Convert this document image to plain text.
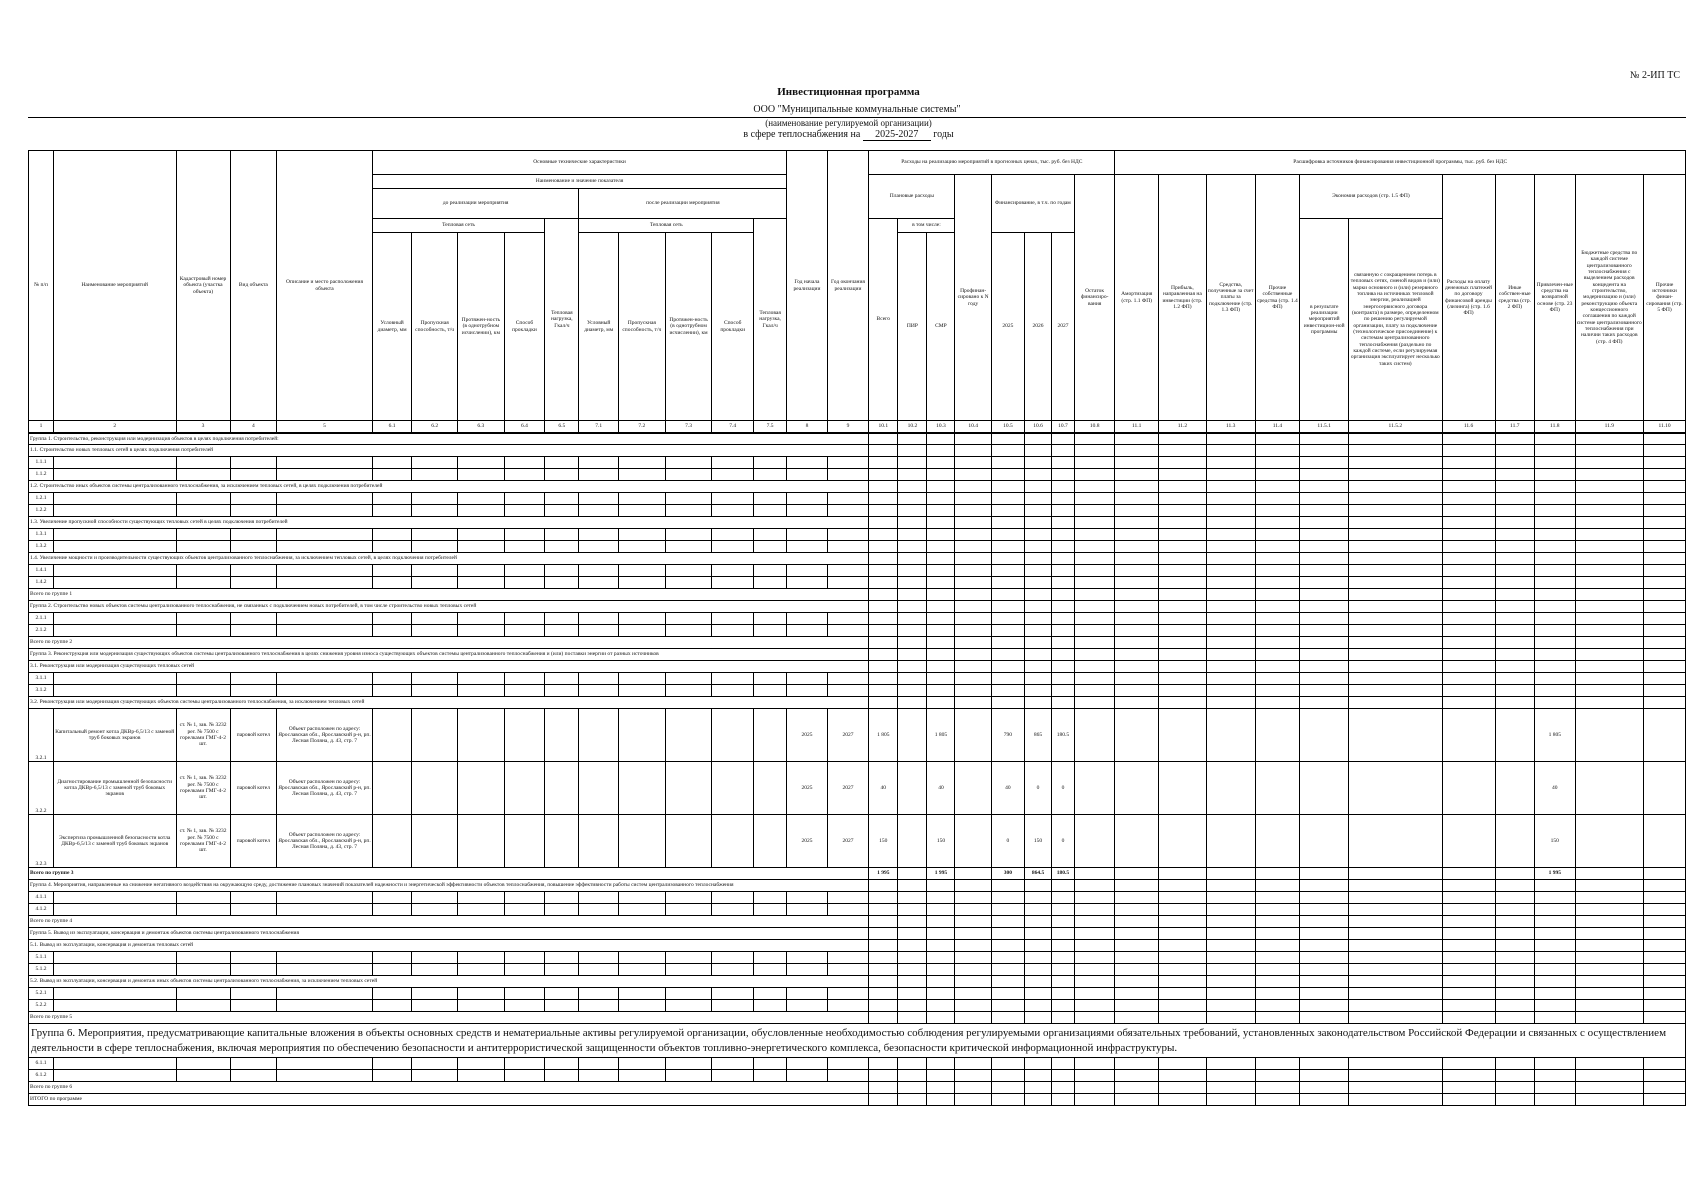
№ 2-ИП ТС
Инвестиционная программа
ООО "Муниципальные коммунальные системы"
(наименование регулируемой организации)
в сфере теплоснабжения на 2025-2027 годы
№ п/п	Наименование мероприятий	Кадастровый номер объекта (участка объекта)	Вид объекта	Описание и место расположения объекта	Основные технические характеристики										Год начала реализации	Год окончания реализации	Расходы на реализацию мероприятий в прогнозных ценах, тыс. руб. без НДС								Расшифровка источников финансирования инвестиционной программы, тыс. руб. без НДС										
					Наименование и значение показателя												Плановые расходы			Профинан-сировано к N году	Финансирование, в т.ч. по годам			Остаток финансиро-вания	Амортизация (стр. 1.1 ФП)	Прибыль, направленная на инвестиции (стр. 1.2 ФП)	Средства, полученные за счет платы за подключение (стр. 1.3 ФП)	Прочие собственные средства (стр. 1.4 ФП)	Экономия расходов (стр. 1.5 ФП)		Расходы на оплату денежных платежей по договору финансовой аренды (лизинга) (стр. 1.6 ФП)	Иные собствен-ные средства (стр. 2 ФП)	Привлечен-ные средства на возвратной основе (стр. 23 ФП)	Бюджетные средства по каждой системе централизованного теплоснабжения с выделением расходов концедента на строительство, модернизацию и (или) реконструкцию объекта концессионного соглашения по каждой системе централизованного теплоснабжения при наличии таких расходов (стр. 4 ФП)	Прочие источники финан-сирования (стр. 5 ФП)
					до реализации мероприятия					после реализации мероприятия																									
					Тепловая сеть				Тепловая нагрузка, Гкал/ч	Тепловая сеть				Тепловая нагрузка, Гкал/ч			Всего	в том числе:											в результате реализации мероприятий инвестицион-ной программы	связанную с сокращением потерь в тепловых сетях, сменой видов и (или) марки основного и (или) резервного топлива на источниках тепловой энергии, реализацией энергосервисного договора (контракта) в размере, определенном по решению регулируемой организации, плату за подключение (технологическое присоединение) к системам централизованного теплоснабжения (раздельно по каждой системе, если регулируемая организация эксплуатирует несколько таких систем)					
					Условный диаметр, мм	Пропускная способность, т/ч	Протяжен-ность (в однотрубном исчислении), км	Способ прокладки		Условный диаметр, мм	Пропускная способность, т/ч	Протяжен-ность (в однотрубном исчислении), км	Способ прокладки					ПИР	СМР		2025	2026	2027												
1	2	3	4	5	6.1	6.2	6.3	6.4	6.5	7.1	7.2	7.3	7.4	7.5	8	9	10.1	10.2	10.3	10.4	10.5	10.6	10.7	10.8	11.1	11.2	11.3	11.4	11.5.1	11.5.2	11.6	11.7	11.8	11.9	11.10
Группа 1. Строительство, реконструкция или модернизация объектов в целях подключения потребителей:																																			
1.1. Строительство новых тепловых сетей в целях подключения потребителей																																			
1.1.1																																			
1.1.2																																			
1.2. Строительство иных объектов системы централизованного теплоснабжения, за исключением тепловых сетей, в целях подключения потребителей																																			
1.2.1																																			
1.2.2																																			
1.3. Увеличение пропускной способности существующих тепловых сетей в целях подключения потребителей																																			
1.3.1																																			
1.3.2																																			
1.4. Увеличение мощности и производительности существующих объектов централизованного теплоснабжения, за исключением тепловых сетей, в целях подключения потребителей																																			
1.4.1																																			
1.4.2																																			
Всего по группе 1																																			
Группа 2. Строительство новых объектов системы централизованного теплоснабжения, не связанных с подключением новых потребителей, в том числе строительство новых тепловых сетей																																			
2.1.1																																			
2.1.2																																			
Всего по группе 2																																			
Группа 3. Реконструкция или модернизация существующих объектов системы централизованного теплоснабжения в целях снижения уровня износа существующих объектов системы централизованного теплоснабжения и (или) поставки энергии от разных источников																																			
3.1. Реконструкция или модернизация существующих тепловых сетей																																			
3.1.1																																			
3.1.2																																			
3.2. Реконструкция или модернизация существующих объектов системы централизованного теплоснабжения, за исключением тепловых сетей																																			
3.2.1	Капитальный ремонт котла ДКВр-6,5/13 с заменой труб боковых экранов	ст. № 1, зав. № 3232 рег. № 7500 с горелками ГМГ-4-2 шт.	паровой котел	Объект расположен по адресу: Ярославская обл., Ярославский р-н, рп. Лесная Поляна, д. 43, стр. 7											2025	2027	1 805		1 805		790	865	180.5										1 805		
3.2.2	Диагностирование промышленной безопасности котла ДКВр-6,5/13 с заменой труб боковых экранов	ст. № 1, зав. № 3232 рег. № 7500 с горелками ГМГ-4-2 шт.	паровой котел	Объект расположен по адресу: Ярославская обл., Ярославский р-н, рп. Лесная Поляна, д. 43, стр. 7											2025	2027	40		40		40	0	0										40		
3.2.3	Экспертиза промышленной безопасности котла ДКВр-6,5/13 с заменой труб боковых экранов	ст. № 1, зав. № 3232 рег. № 7500 с горелками ГМГ-4-2 шт.	паровой котел	Объект расположен по адресу: Ярославская обл., Ярославский р-н, рп. Лесная Поляна, д. 43, стр. 7											2025	2027	150		150		0	150	0										150		
Всего по группе 3																	1 995		1 995		300	864.5	180.5										1 995		
Группа 4. Мероприятия, направленные на снижение негативного воздействия на окружающую среду, достижение плановых значений показателей надежности и энергетической эффективности объектов теплоснабжения, повышение эффективности работы систем централизованного теплоснабжения																																			
4.1.1																																			
4.1.2																																			
Всего по группе 4																																			
Группа 5. Вывод из эксплуатации, консервация и демонтаж объектов системы централизованного теплоснабжения																																			
5.1. Вывод из эксплуатации, консервация и демонтаж тепловых сетей																																			
5.1.1																																			
5.1.2																																			
5.2. Вывод из эксплуатации, консервация и демонтаж иных объектов системы централизованного теплоснабжения, за исключением тепловых сетей																																			
5.2.1																																			
5.2.2																																			
Всего по группе 5																																			
Группа 6. Мероприятия, предусматривающие капитальные вложения в объекты основных средств и нематериальные активы регулируемой организации, обусловленные необходимостью соблюдения регулируемыми организациями обязательных требований, установленных законодательством Российской Федерации и связанных с осуществлением деятельности в сфере теплоснабжения, включая мероприятия по обеспечению безопасности и антитеррористической защищенности объектов топливно-энергетического комплекса, безопасности критической информационной инфраструктуры.																																			
6.1.1																																			
6.1.2																																			
Всего по группе 6																																			
ИТОГО по программе																																			
